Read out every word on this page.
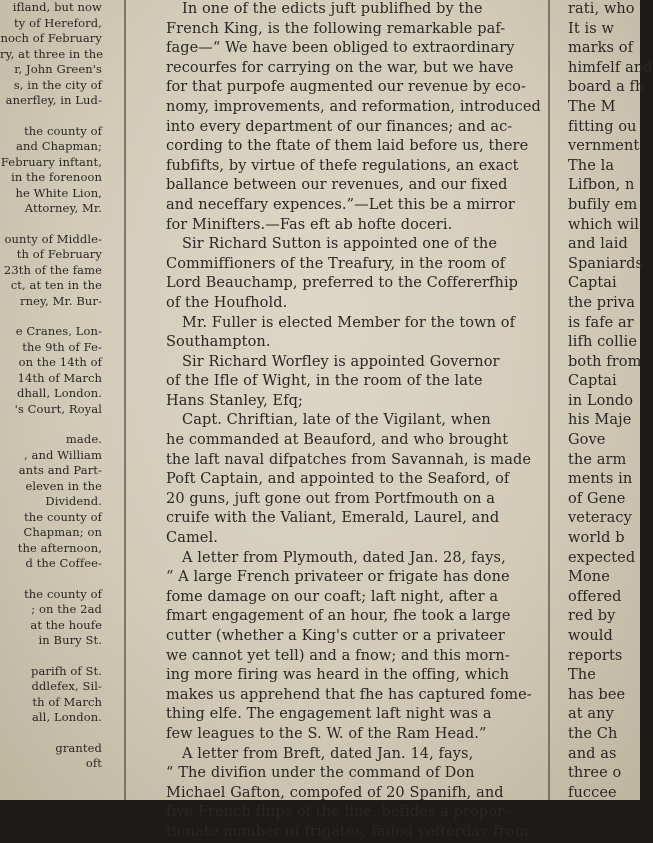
ifland, but now

ty of Hereford,

noch of February

ry, at three in the

r, John Green's

s, in the city of

anerfley, in Lud-

the county of

and Chapman;

February inftant,

in the forenoon

he White Lion,

Attorney, Mr.

ounty of Middle-

th of February

23th of the fame

ct, at ten in the

rney, Mr. Bur-

e Cranes, Lon-

the 9th of Fe-

on the 14th of

14th of March

dhall, London.

's Court, Royal

made.

, and William

ants and Part-

eleven in the

Dividend.

the county of

Chapman; on

the afternoon,

d the Coffee-

the county of

; on the 2ad

at the houfe

in Bury St.

parifh of St.

ddlefex, Sil-

th of March

all, London.

granted

oft

In one of the edicts juft publifhed by the

French King, is the following remarkable paf-

fage—“ We have been obliged to extraordinary

recourfes for carrying on the war, but we have

for that purpofe augmented our revenue by eco-

nomy, improvements, and reformation, introduced

into every department of our finances; and ac-

cording to the ftate of them laid before us, there

fubfifts, by virtue of thefe regulations, an exact

ballance between our revenues, and our fixed

and neceffary expences.”—Let this be a mirror

for Minifters.—Fas eft ab hofte doceri.

Sir Richard Sutton is appointed one of the

Commiffioners of the Treafury, in the room of

Lord Beauchamp, preferred to the Coffererfhip

of the Houfhold.

Mr. Fuller is elected Member for the town of

Southampton.

Sir Richard Worfley is appointed Governor

of the Ifle of Wight, in the room of the late

Hans Stanley, Efq;

Capt. Chriftian, late of the Vigilant, when

he commanded at Beauford, and who brought

the laft naval difpatches from Savannah, is made

Poft Captain, and appointed to the Seaford, of

20 guns, juft gone out from Portfmouth on a

cruife with the Valiant, Emerald, Laurel, and

Camel.

A letter from Plymouth, dated Jan. 28, fays,

“ A large French privateer or frigate has done

fome damage on our coaft; laft night, after a

fmart engagement of an hour, fhe took a large

cutter (whether a King's cutter or a privateer

we cannot yet tell) and a fnow; and this morn-

ing more firing was heard in the offing, which

makes us apprehend that fhe has captured fome-

thing elfe. The engagement laft night was a

few leagues to the S. W. of the Ram Head.”

A letter from Breft, dated Jan. 14, fays,

“ The divifion under the command of Don

Michael Gafton, compofed of 20 Spanifh, and

five French fhips of the line, befides a propor-

tionate number of frigates, failed yefterday from

rati, who

It is w

marks of

himfelf and

board a fh

The M

fitting ou

vernment

The la

Lifbon, n

bufily em

which wil

and laid

Spaniards

Captai

the priva

is fafe ar

lifh collie

both from

Captai

in Londo

his Maje

Gove

the arm

ments in

of Gene

veteracy

world b

expected

Mone

offered

red by

would

reports

The

has bee

at any

the Ch

and as

three o

fuccee
